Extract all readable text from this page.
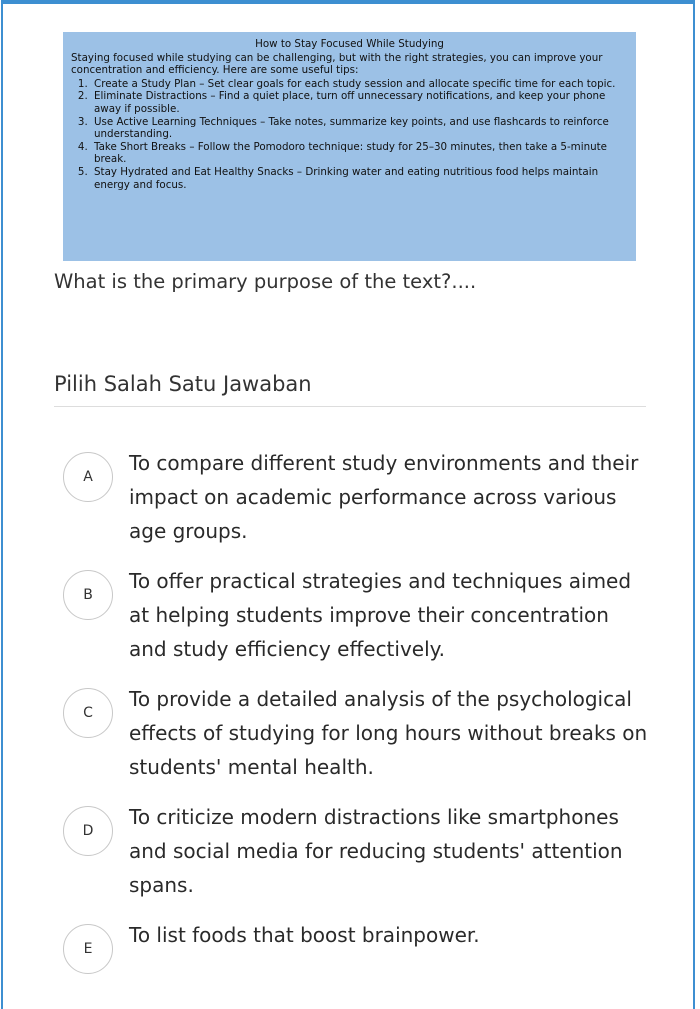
How to Stay Focused While Studying
Staying focused while studying can be challenging, but with the right strategies, you can improve your concentration and efficiency. Here are some useful tips:
1. Create a Study Plan – Set clear goals for each study session and allocate specific time for each topic.
2. Eliminate Distractions – Find a quiet place, turn off unnecessary notifications, and keep your phone away if possible.
3. Use Active Learning Techniques – Take notes, summarize key points, and use flashcards to reinforce understanding.
4. Take Short Breaks – Follow the Pomodoro technique: study for 25–30 minutes, then take a 5-minute break.
5. Stay Hydrated and Eat Healthy Snacks – Drinking water and eating nutritious food helps maintain energy and focus.
What is the primary purpose of the text?....
Pilih Salah Satu Jawaban
A
To compare different study environments and their impact on academic performance across various age groups.
B
To offer practical strategies and techniques aimed at helping students improve their concentration and study efficiency effectively.
C
To provide a detailed analysis of the psychological effects of studying for long hours without breaks on students' mental health.
D
To criticize modern distractions like smartphones and social media for reducing students' attention spans.
E
To list foods that boost brainpower.
